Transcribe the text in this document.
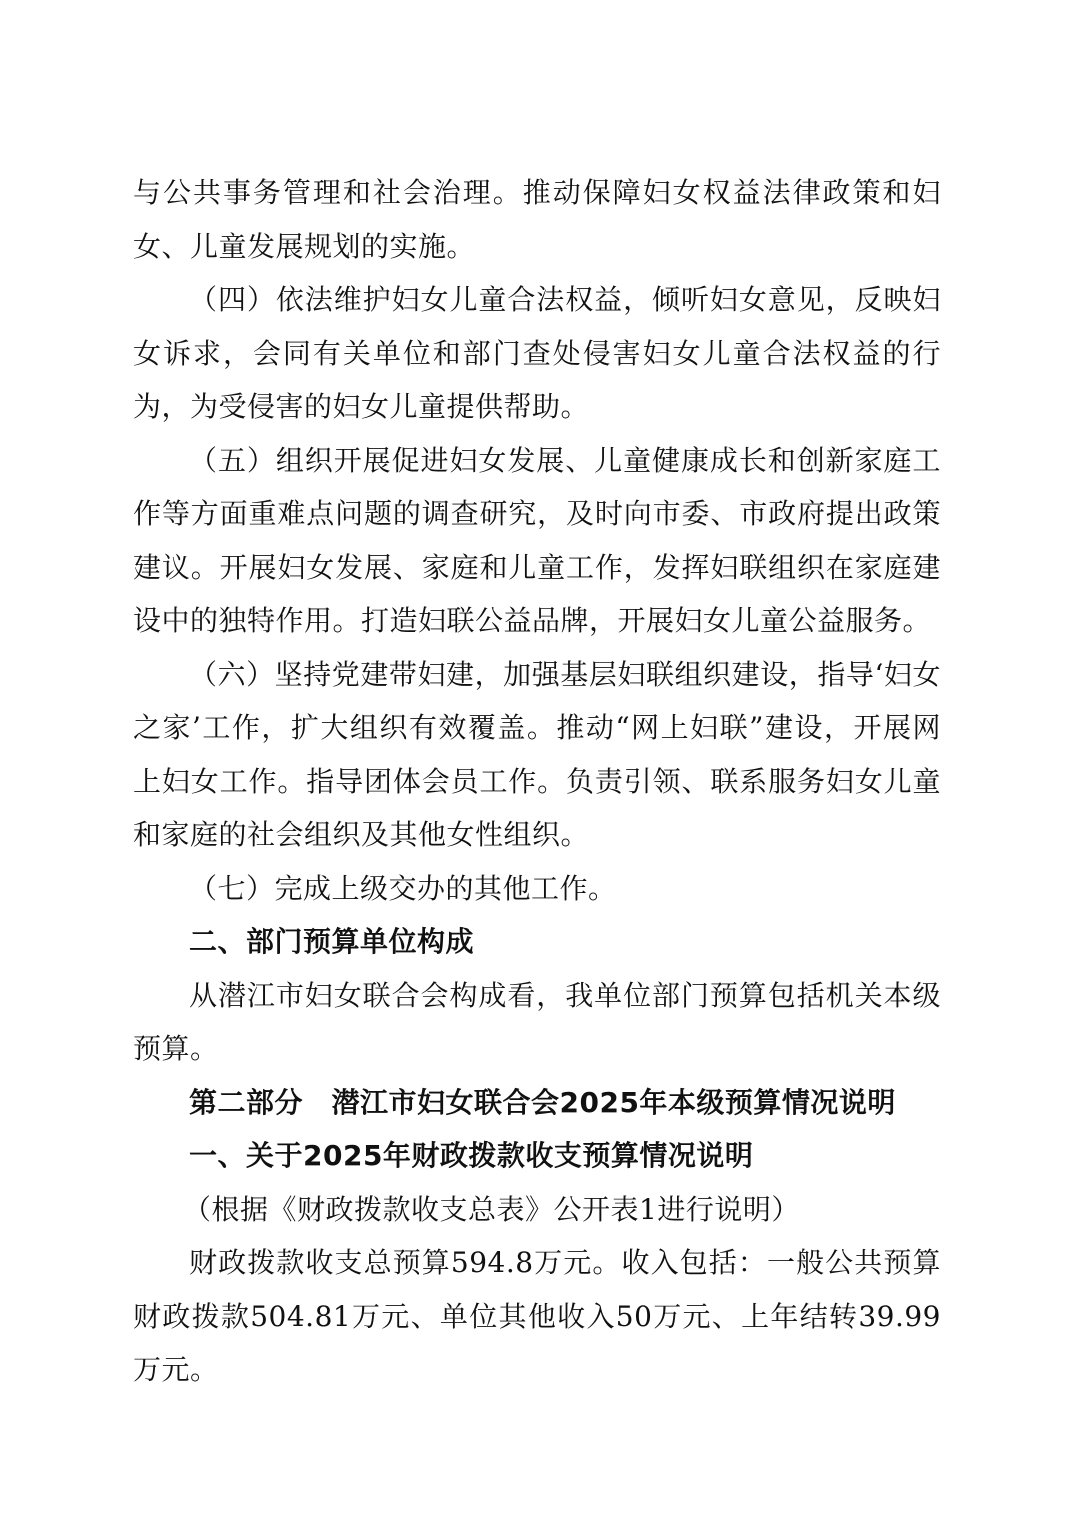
与公共事务管理和社会治理。推动保障妇女权益法律政策和妇女、儿童发展规划的实施。

（四）依法维护妇女儿童合法权益，倾听妇女意见，反映妇女诉求，会同有关单位和部门查处侵害妇女儿童合法权益的行为，为受侵害的妇女儿童提供帮助。

（五）组织开展促进妇女发展、儿童健康成长和创新家庭工作等方面重难点问题的调查研究，及时向市委、市政府提出政策建议。开展妇女发展、家庭和儿童工作，发挥妇联组织在家庭建设中的独特作用。打造妇联公益品牌，开展妇女儿童公益服务。

（六）坚持党建带妇建，加强基层妇联组织建设，指导‘妇女之家’工作，扩大组织有效覆盖。推动“网上妇联”建设，开展网上妇女工作。指导团体会员工作。负责引领、联系服务妇女儿童和家庭的社会组织及其他女性组织。

（七）完成上级交办的其他工作。

二、部门预算单位构成

从潜江市妇女联合会构成看，我单位部门预算包括机关本级预算。

第二部分　潜江市妇女联合会2025年本级预算情况说明

一、关于2025年财政拨款收支预算情况说明

（根据《财政拨款收支总表》公开表1进行说明）

财政拨款收支总预算594.8万元。收入包括：一般公共预算财政拨款504.81万元、单位其他收入50万元、上年结转39.99万元。
